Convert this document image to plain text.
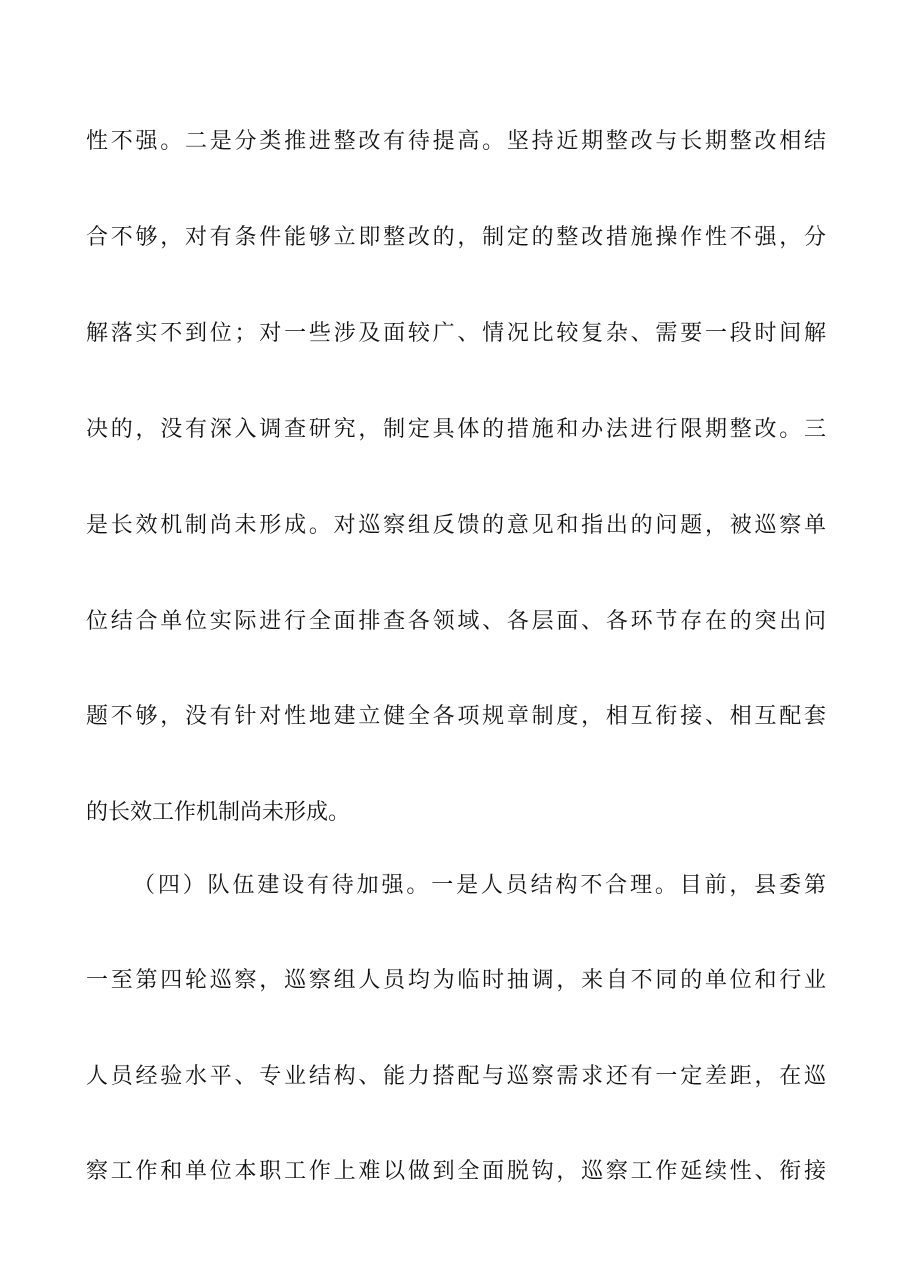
性不强。二是分类推进整改有待提高。坚持近期整改与长期整改相结
合不够，对有条件能够立即整改的，制定的整改措施操作性不强，分
解落实不到位；对一些涉及面较广、情况比较复杂、需要一段时间解
决的，没有深入调查研究，制定具体的措施和办法进行限期整改。三
是长效机制尚未形成。对巡察组反馈的意见和指出的问题，被巡察单
位结合单位实际进行全面排查各领域、各层面、各环节存在的突出问
题不够，没有针对性地建立健全各项规章制度，相互衔接、相互配套
的长效工作机制尚未形成。
（四）队伍建设有待加强。一是人员结构不合理。目前，县委第
一至第四轮巡察，巡察组人员均为临时抽调，来自不同的单位和行业
人员经验水平、专业结构、能力搭配与巡察需求还有一定差距，在巡
察工作和单位本职工作上难以做到全面脱钩，巡察工作延续性、衔接
